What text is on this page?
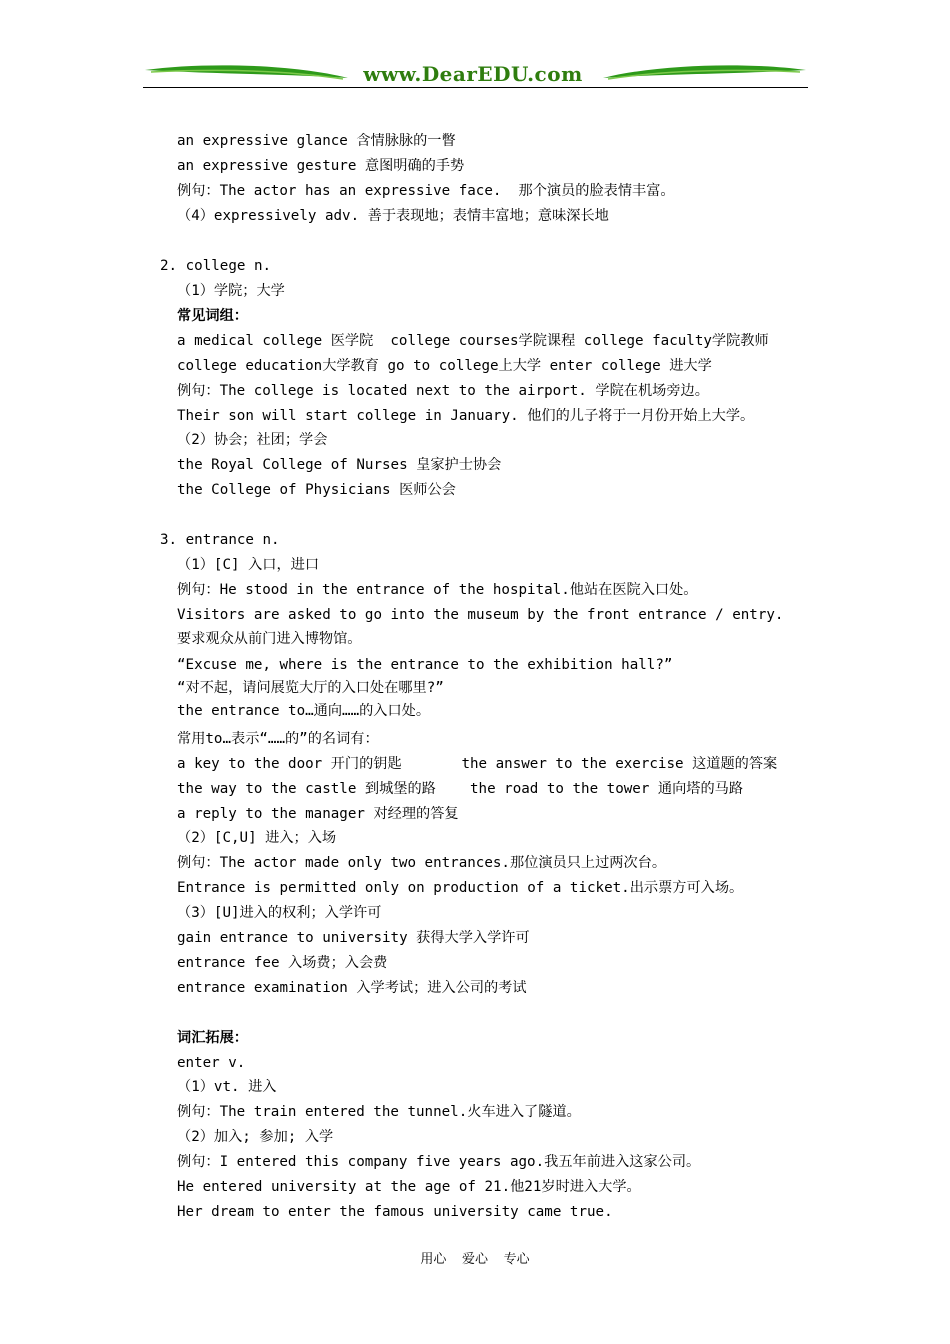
www.DearEDU.com
an expressive glance 含情脉脉的一瞥
an expressive gesture 意图明确的手势
例句：The actor has an expressive face.  那个演员的脸表情丰富。
（4）expressively adv. 善于表现地；表情丰富地；意味深长地
2. college n.
（1）学院；大学
常见词组：
a medical college 医学院  college courses学院课程 college faculty学院教师
college education大学教育 go to college上大学 enter college 进大学
例句：The college is located next to the airport. 学院在机场旁边。
Their son will start college in January. 他们的儿子将于一月份开始上大学。
（2）协会；社团；学会
the Royal College of Nurses 皇家护士协会
the College of Physicians 医师公会
3. entrance n.
（1）[C] 入口，进口
例句：He stood in the entrance of the hospital.他站在医院入口处。
Visitors are asked to go into the museum by the front entrance / entry.
要求观众从前门进入博物馆。
“Excuse me, where is the entrance to the exhibition hall?”
“对不起，请问展览大厅的入口处在哪里?”
the entrance to…通向……的入口处。
常用to…表示“……的”的名词有：
a key to the door 开门的钥匙       the answer to the exercise 这道题的答案
the way to the castle 到城堡的路    the road to the tower 通向塔的马路
a reply to the manager 对经理的答复
（2）[C,U] 进入；入场
例句：The actor made only two entrances.那位演员只上过两次台。
Entrance is permitted only on production of a ticket.出示票方可入场。
（3）[U]进入的权利；入学许可
gain entrance to university 获得大学入学许可
entrance fee 入场费；入会费
entrance examination 入学考试；进入公司的考试
词汇拓展：
enter v.
（1）vt. 进入
例句：The train entered the tunnel.火车进入了隧道。
（2）加入; 参加; 入学
例句：I entered this company five years ago.我五年前进入这家公司。
He entered university at the age of 21.他21岁时进入大学。
Her dream to enter the famous university came true.
用心  爱心  专心
